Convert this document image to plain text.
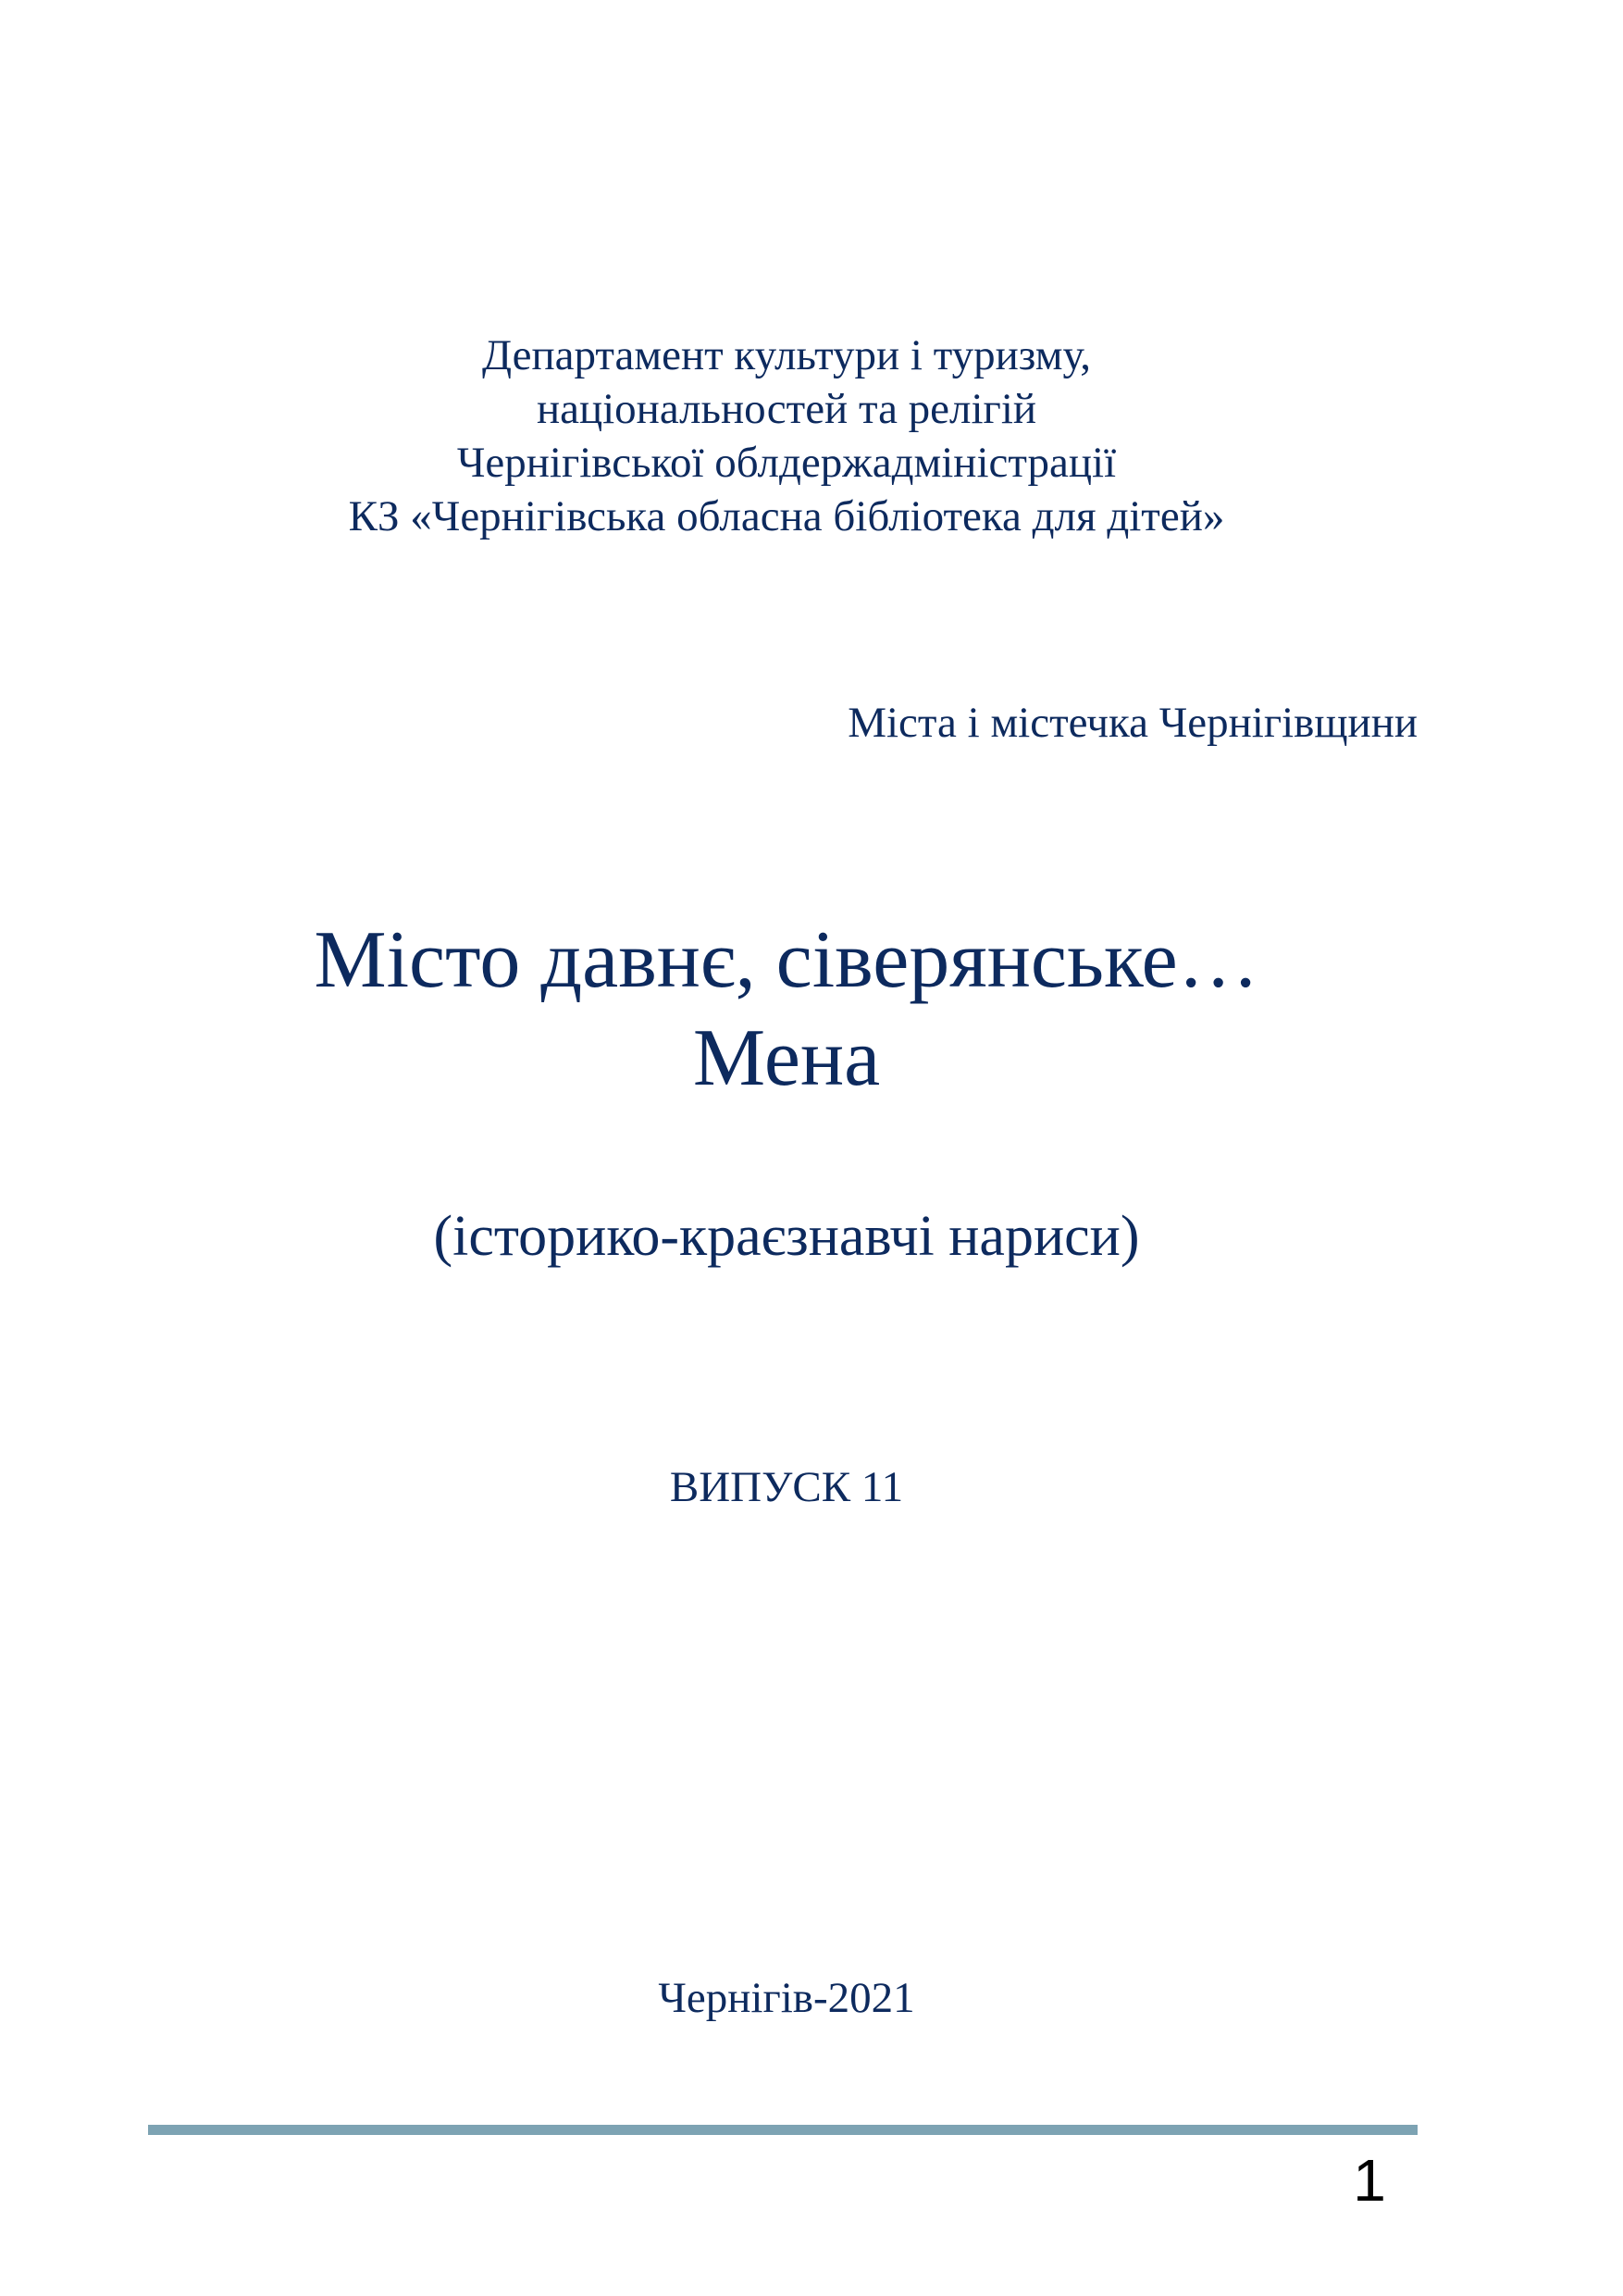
Департамент культури і туризму,
національностей та релігій
Чернігівської облдержадміністрації
КЗ «Чернігівська обласна бібліотека для дітей»
Міста і містечка Чернігівщини
Місто давнє, сіверянське…
Мена
(історико-краєзнавчі нариси)
ВИПУСК 11
Чернігів-2021
1
